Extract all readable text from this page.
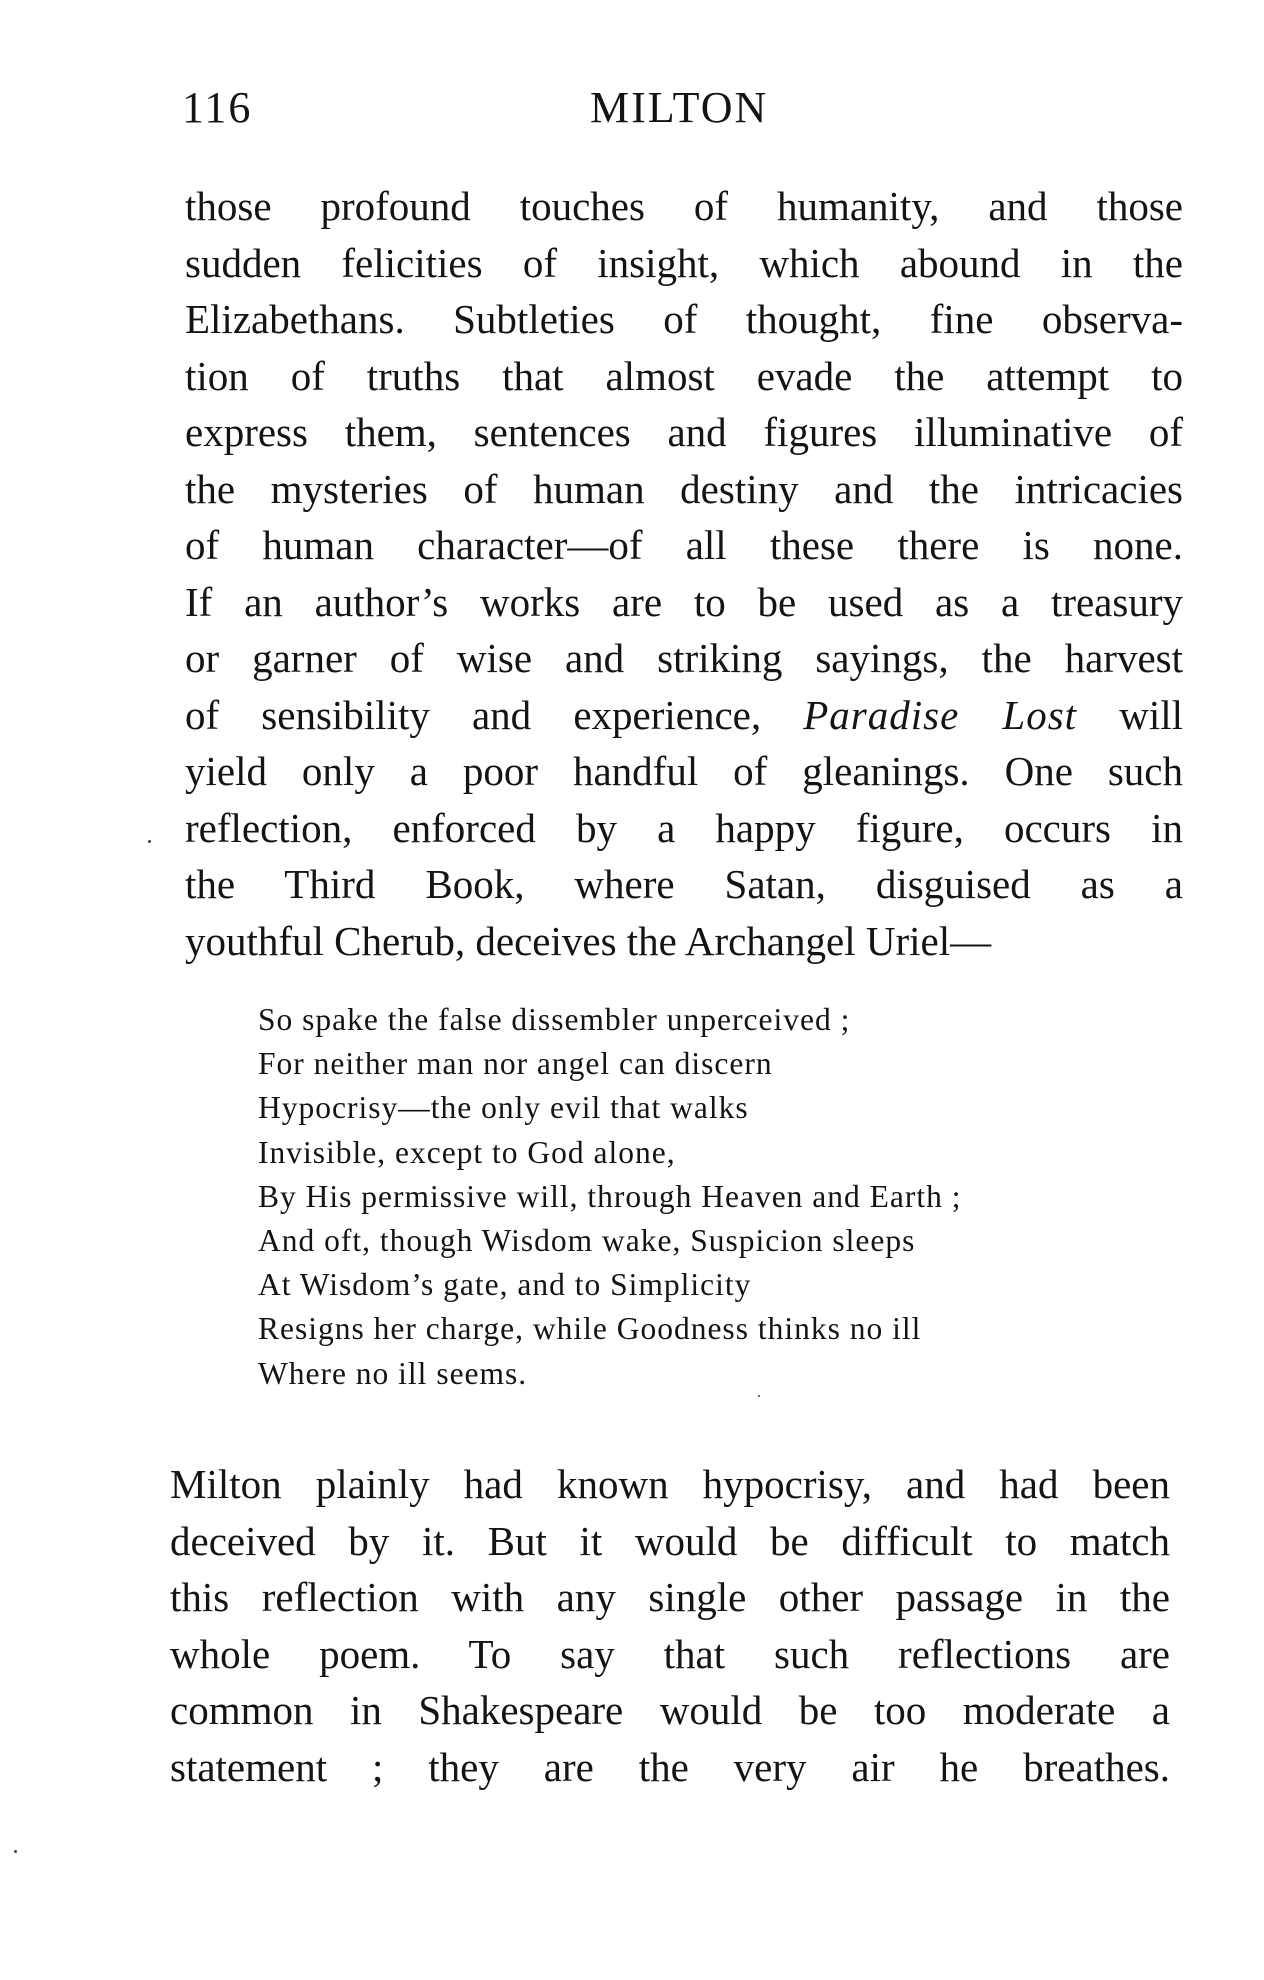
116	MILTON
those profound touches of humanity, and those
sudden felicities of insight, which abound in the
Elizabethans. Subtleties of thought, fine observa-
tion of truths that almost evade the attempt to
express them, sentences and figures illuminative of
the mysteries of human destiny and the intricacies
of human character—of all these there is none.
If an author’s works are to be used as a treasury
or garner of wise and striking sayings, the harvest
of sensibility and experience, Paradise Lost will
yield only a poor handful of gleanings. One such
reflection, enforced by a happy figure, occurs in
the Third Book, where Satan, disguised as a
youthful Cherub, deceives the Archangel Uriel—
So spake the false dissembler unperceived ;
For neither man nor angel can discern
Hypocrisy—the only evil that walks
Invisible, except to God alone,
By His permissive will, through Heaven and Earth ;
And oft, though Wisdom wake, Suspicion sleeps
At Wisdom’s gate, and to Simplicity
Resigns her charge, while Goodness thinks no ill
Where no ill seems.
Milton plainly had known hypocrisy, and had been
deceived by it. But it would be difficult to match
this reflection with any single other passage in the
whole poem. To say that such reflections are
common in Shakespeare would be too moderate a
statement ; they are the very air he breathes.
